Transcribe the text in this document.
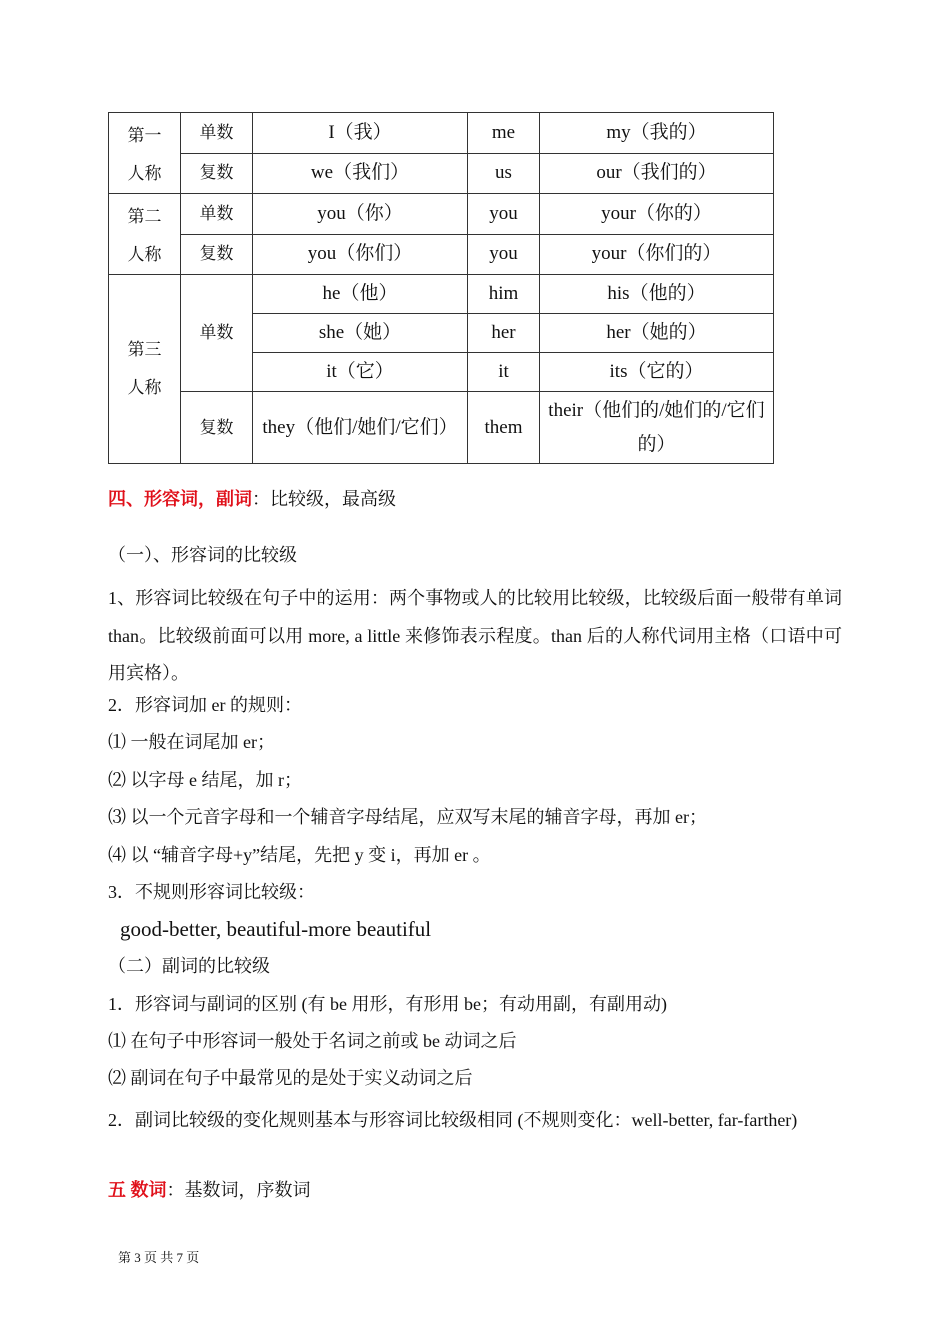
第一
人称	单数	I（我）	me	my（我的）
	复数	we（我们）	us	our（我们的）

第二
人称	单数	you（你）	you	your（你的）
	复数	you（你们）	you	your（你们的）

第三
人称	单数	he（他）	him	his（他的）
		she（她）	her	her（她的）
		it（它）	it	its（它的）
	复数	they（他们/她们/它们）	them	their（他们的/她们的/它们的）
四、形容词，副词：比较级，最高级
（一）、形容词的比较级
1、形容词比较级在句子中的运用：两个事物或人的比较用比较级，比较级后面一般带有单词 than。比较级前面可以用 more, a little 来修饰表示程度。than 后的人称代词用主格（口语中可用宾格）。
2．形容词加 er 的规则：
⑴ 一般在词尾加 er；
⑵ 以字母 e 结尾，加 r；
⑶ 以一个元音字母和一个辅音字母结尾，应双写末尾的辅音字母，再加 er；
⑷ 以 “辅音字母+y”结尾，先把 y 变 i，再加 er 。
3．不规则形容词比较级：
good-better, beautiful-more beautiful
（二）副词的比较级
1．形容词与副词的区别 (有 be 用形，有形用 be；有动用副，有副用动)
⑴ 在句子中形容词一般处于名词之前或 be 动词之后
⑵ 副词在句子中最常见的是处于实义动词之后
2．副词比较级的变化规则基本与形容词比较级相同 (不规则变化：well-better, far-farther)
五 数词：基数词，序数词
第 3 页 共 7 页
